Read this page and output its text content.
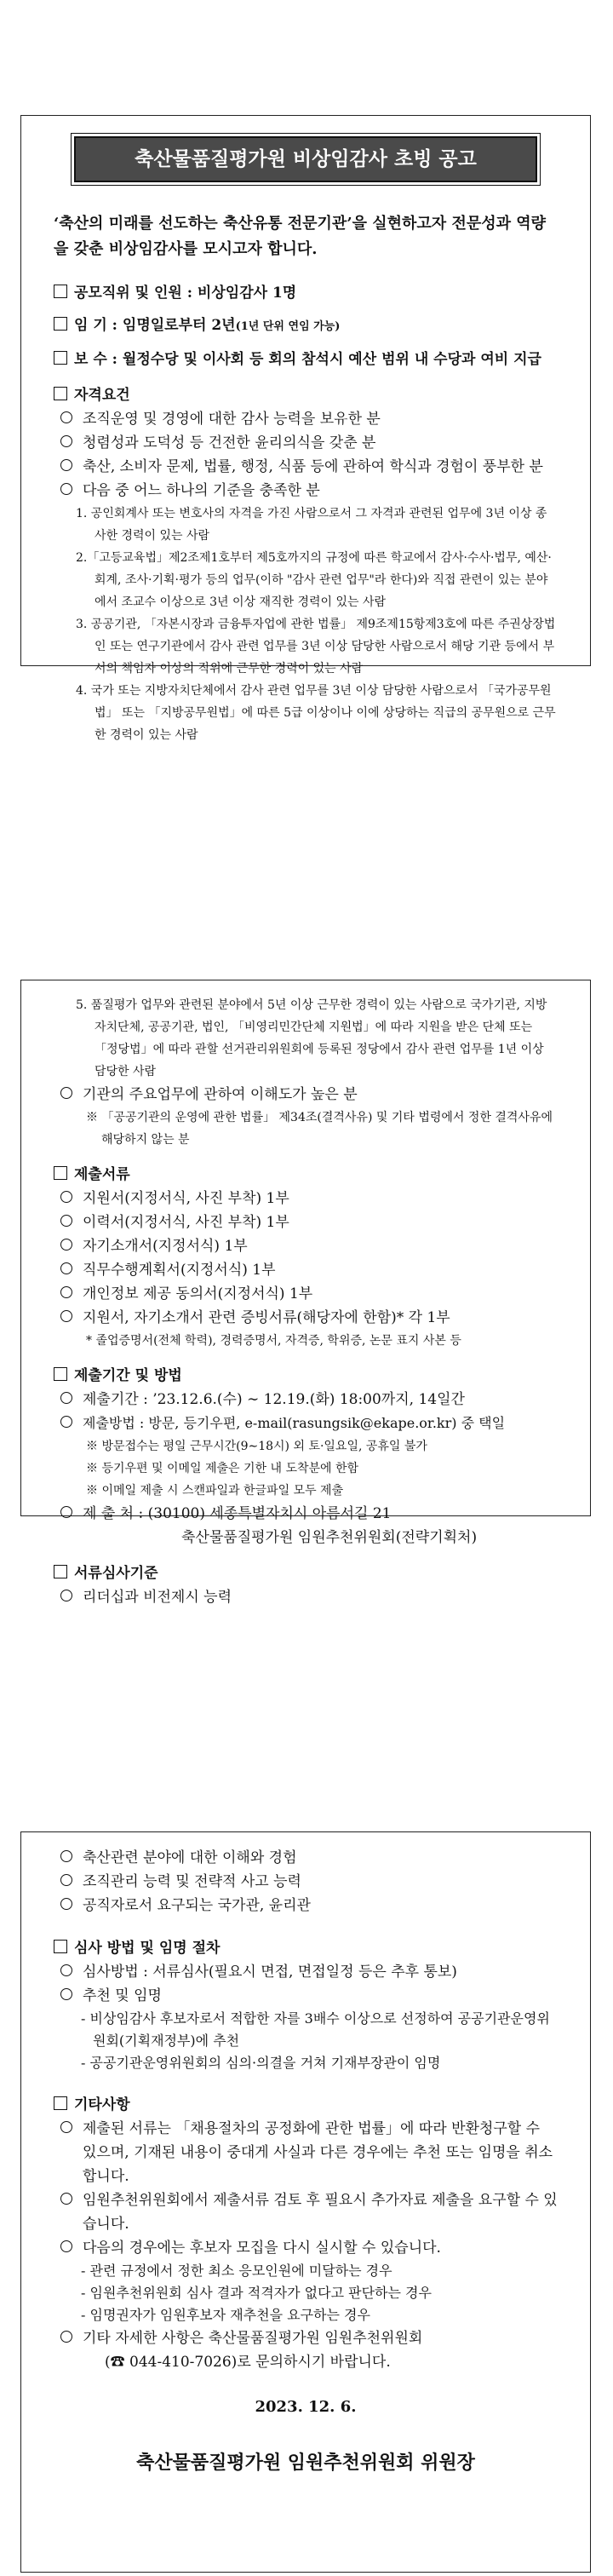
축산물품질평가원 비상임감사 초빙 공고
‘축산의 미래를 선도하는 축산유통 전문기관’을 실현하고자 전문성과 역량을 갖춘 비상임감사를 모시고자 합니다.
공모직위 및 인원 : 비상임감사 1명
임 기 : 임명일로부터 2년(1년 단위 연임 가능)
보 수 : 월정수당 및 이사회 등 회의 참석시 예산 범위 내 수당과 여비 지급
자격요건
조직운영 및 경영에 대한 감사 능력을 보유한 분
청렴성과 도덕성 등 건전한 윤리의식을 갖춘 분
축산, 소비자 문제, 법률, 행정, 식품 등에 관하여 학식과 경험이 풍부한 분
다음 중 어느 하나의 기준을 충족한 분
1. 공인회계사 또는 변호사의 자격을 가진 사람으로서 그 자격과 관련된 업무에 3년 이상 종사한 경력이 있는 사람
2.「고등교육법」제2조제1호부터 제5호까지의 규정에 따른 학교에서 감사·수사·법무, 예산·회계, 조사·기획·평가 등의 업무(이하 "감사 관련 업무"라 한다)와 직접 관련이 있는 분야에서 조교수 이상으로 3년 이상 재직한 경력이 있는 사람
3. 공공기관, 「자본시장과 금융투자업에 관한 법률」 제9조제15항제3호에 따른 주권상장법인 또는 연구기관에서 감사 관련 업무를 3년 이상 담당한 사람으로서 해당 기관 등에서 부서의 책임자 이상의 직위에 근무한 경력이 있는 사람
4. 국가 또는 지방자치단체에서 감사 관련 업무를 3년 이상 담당한 사람으로서 「국가공무원법」 또는 「지방공무원법」에 따른 5급 이상이나 이에 상당하는 직급의 공무원으로 근무한 경력이 있는 사람
5. 품질평가 업무와 관련된 분야에서 5년 이상 근무한 경력이 있는 사람으로 국가기관, 지방자치단체, 공공기관, 법인, 「비영리민간단체 지원법」에 따라 지원을 받은 단체 또는 「정당법」에 따라 관할 선거관리위원회에 등록된 정당에서 감사 관련 업무를 1년 이상 담당한 사람
기관의 주요업무에 관하여 이해도가 높은 분
※ 「공공기관의 운영에 관한 법률」 제34조(결격사유) 및 기타 법령에서 정한 결격사유에 해당하지 않는 분
제출서류
지원서(지정서식, 사진 부착) 1부
이력서(지정서식, 사진 부착) 1부
자기소개서(지정서식) 1부
직무수행계획서(지정서식) 1부
개인정보 제공 동의서(지정서식) 1부
지원서, 자기소개서 관련 증빙서류(해당자에 한함)* 각 1부
* 졸업증명서(전체 학력), 경력증명서, 자격증, 학위증, 논문 표지 사본 등
제출기간 및 방법
제출기간 : ’23.12.6.(수) ∼ 12.19.(화) 18:00까지, 14일간
제출방법 : 방문, 등기우편, e-mail(rasungsik@ekape.or.kr) 중 택일
※ 방문접수는 평일 근무시간(9∼18시) 외 토·일요일, 공휴일 불가
※ 등기우편 및 이메일 제출은 기한 내 도착분에 한함
※ 이메일 제출 시 스캔파일과 한글파일 모두 제출
제 출 처 : (30100) 세종특별자치시 아름서길 21
축산물품질평가원 임원추천위원회(전략기획처)
서류심사기준
리더십과 비전제시 능력
축산관련 분야에 대한 이해와 경험
조직관리 능력 및 전략적 사고 능력
공직자로서 요구되는 국가관, 윤리관
심사 방법 및 임명 절차
심사방법 : 서류심사(필요시 면접, 면접일정 등은 추후 통보)
추천 및 임명
- 비상임감사 후보자로서 적합한 자를 3배수 이상으로 선정하여 공공기관운영위원회(기획재정부)에 추천
- 공공기관운영위원회의 심의·의결을 거쳐 기재부장관이 임명
기타사항
제출된 서류는 「채용절차의 공정화에 관한 법률」에 따라 반환청구할 수 있으며, 기재된 내용이 중대게 사실과 다른 경우에는 추천 또는 임명을 취소합니다.
임원추천위원회에서 제출서류 검토 후 필요시 추가자료 제출을 요구할 수 있습니다.
다음의 경우에는 후보자 모집을 다시 실시할 수 있습니다.
- 관련 규정에서 정한 최소 응모인원에 미달하는 경우
- 임원추천위원회 심사 결과 적격자가 없다고 판단하는 경우
- 임명권자가 임원후보자 재추천을 요구하는 경우
기타 자세한 사항은 축산물품질평가원 임원추천위원회
(☎ 044-410-7026)로 문의하시기 바랍니다.
2023. 12. 6.
축산물품질평가원 임원추천위원회 위원장
